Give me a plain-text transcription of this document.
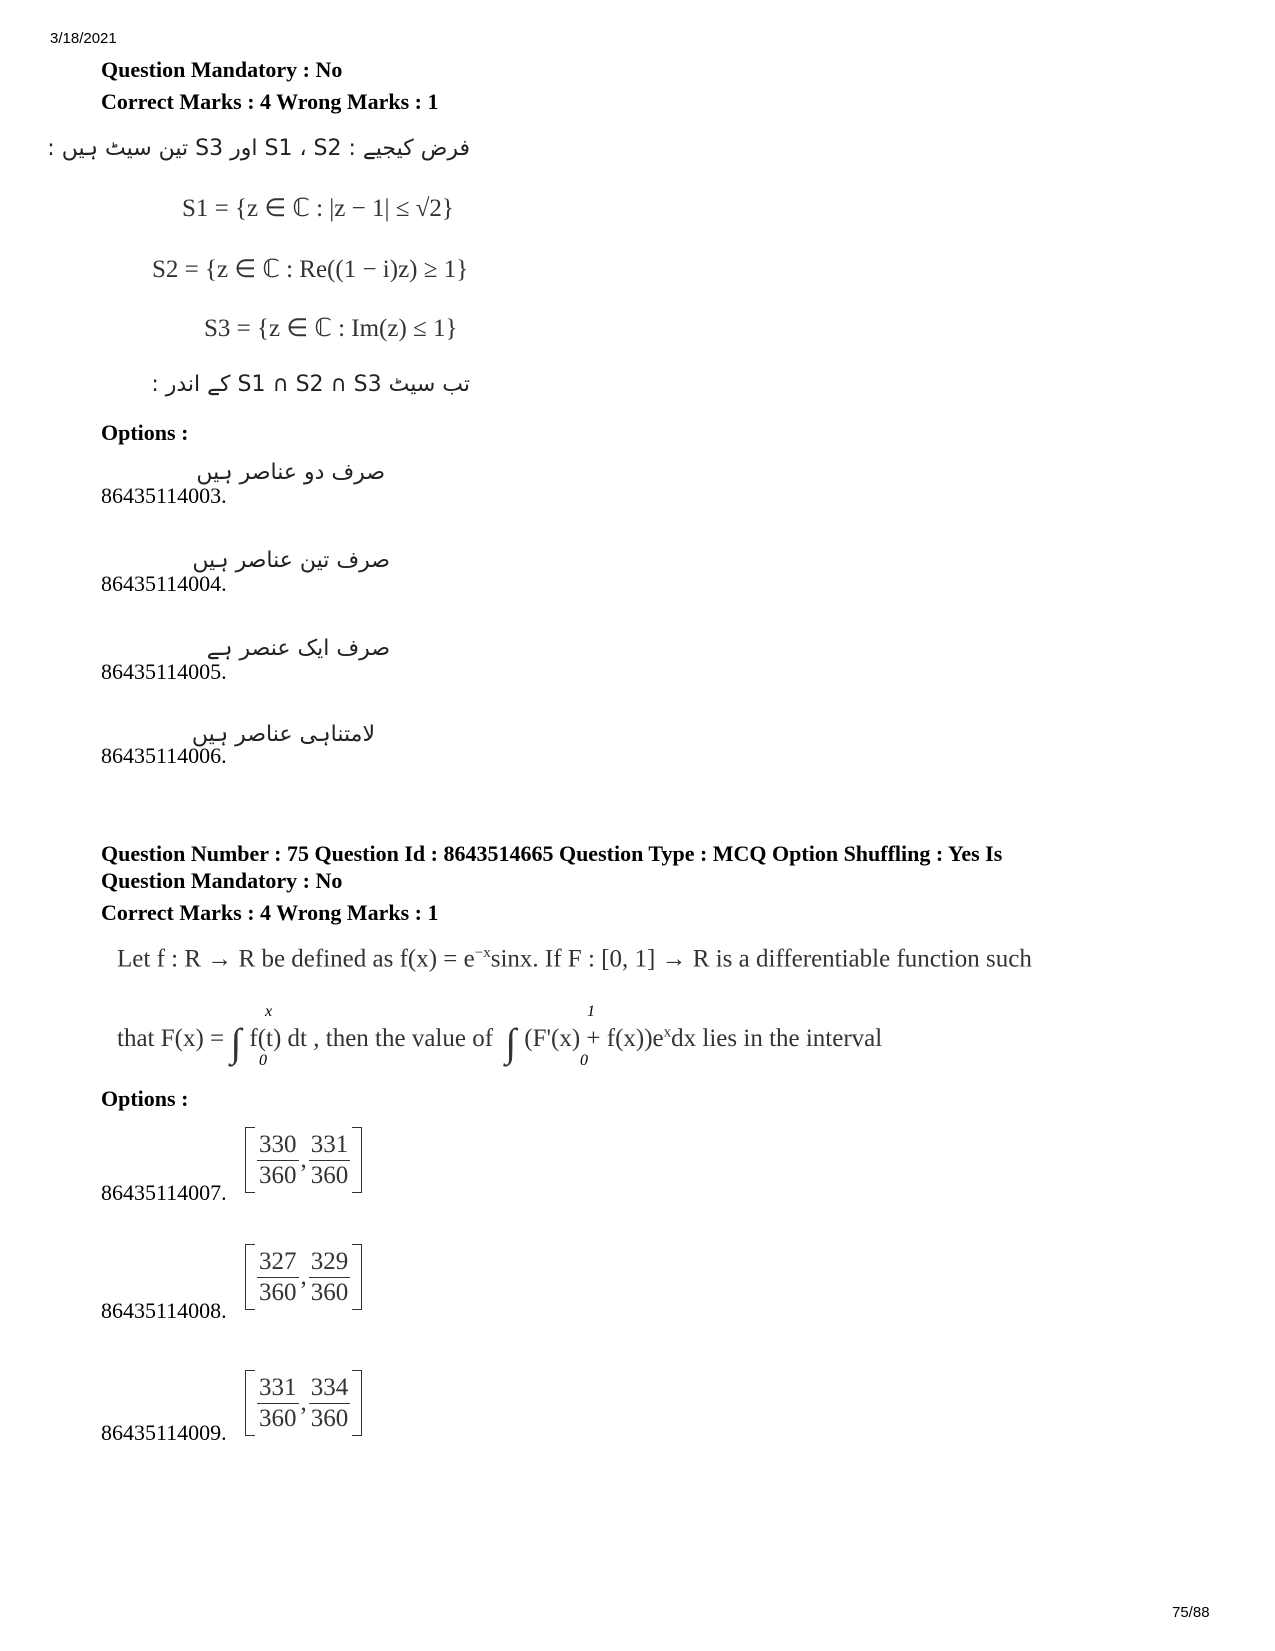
3/18/2021
Question Mandatory : No
Correct Marks : 4 Wrong Marks : 1
فرض کیجیے : S1 ، S2 اور S3 تین سیٹ ہیں :
S1 = {z ∈ ℂ : |z − 1| ≤ √2}
S2 = {z ∈ ℂ : Re((1 − i)z) ≥ 1}
S3 = {z ∈ ℂ : Im(z) ≤ 1}
تب سیٹ S1 ∩ S2 ∩ S3 کے اندر :
Options :
86435114003.
صرف دو عناصر ہیں
86435114004.
صرف تین عناصر ہیں
86435114005.
صرف ایک عنصر ہے
86435114006.
لامتناہی عناصر ہیں
Question Number : 75 Question Id : 8643514665 Question Type : MCQ Option Shuffling : Yes Is
Question Mandatory : No
Correct Marks : 4 Wrong Marks : 1
Let f : R → R be defined as $f(x) = e^{-x}\sin x$. If F : [0, 1] → R is a differentiable function such
that F(x) = ∫ f(t) dt , then the value of ∫ $(F'(x) + f(x))e^xdx$ lies in the interval
x
0
1
0
Options :
86435114007.
$\frac{330}{360}$ , $\frac{331}{360}$
86435114008.
$\frac{327}{360}$ , $\frac{329}{360}$
86435114009. $\frac{331}{360}$ , $\frac{334}{360}$
75/88
